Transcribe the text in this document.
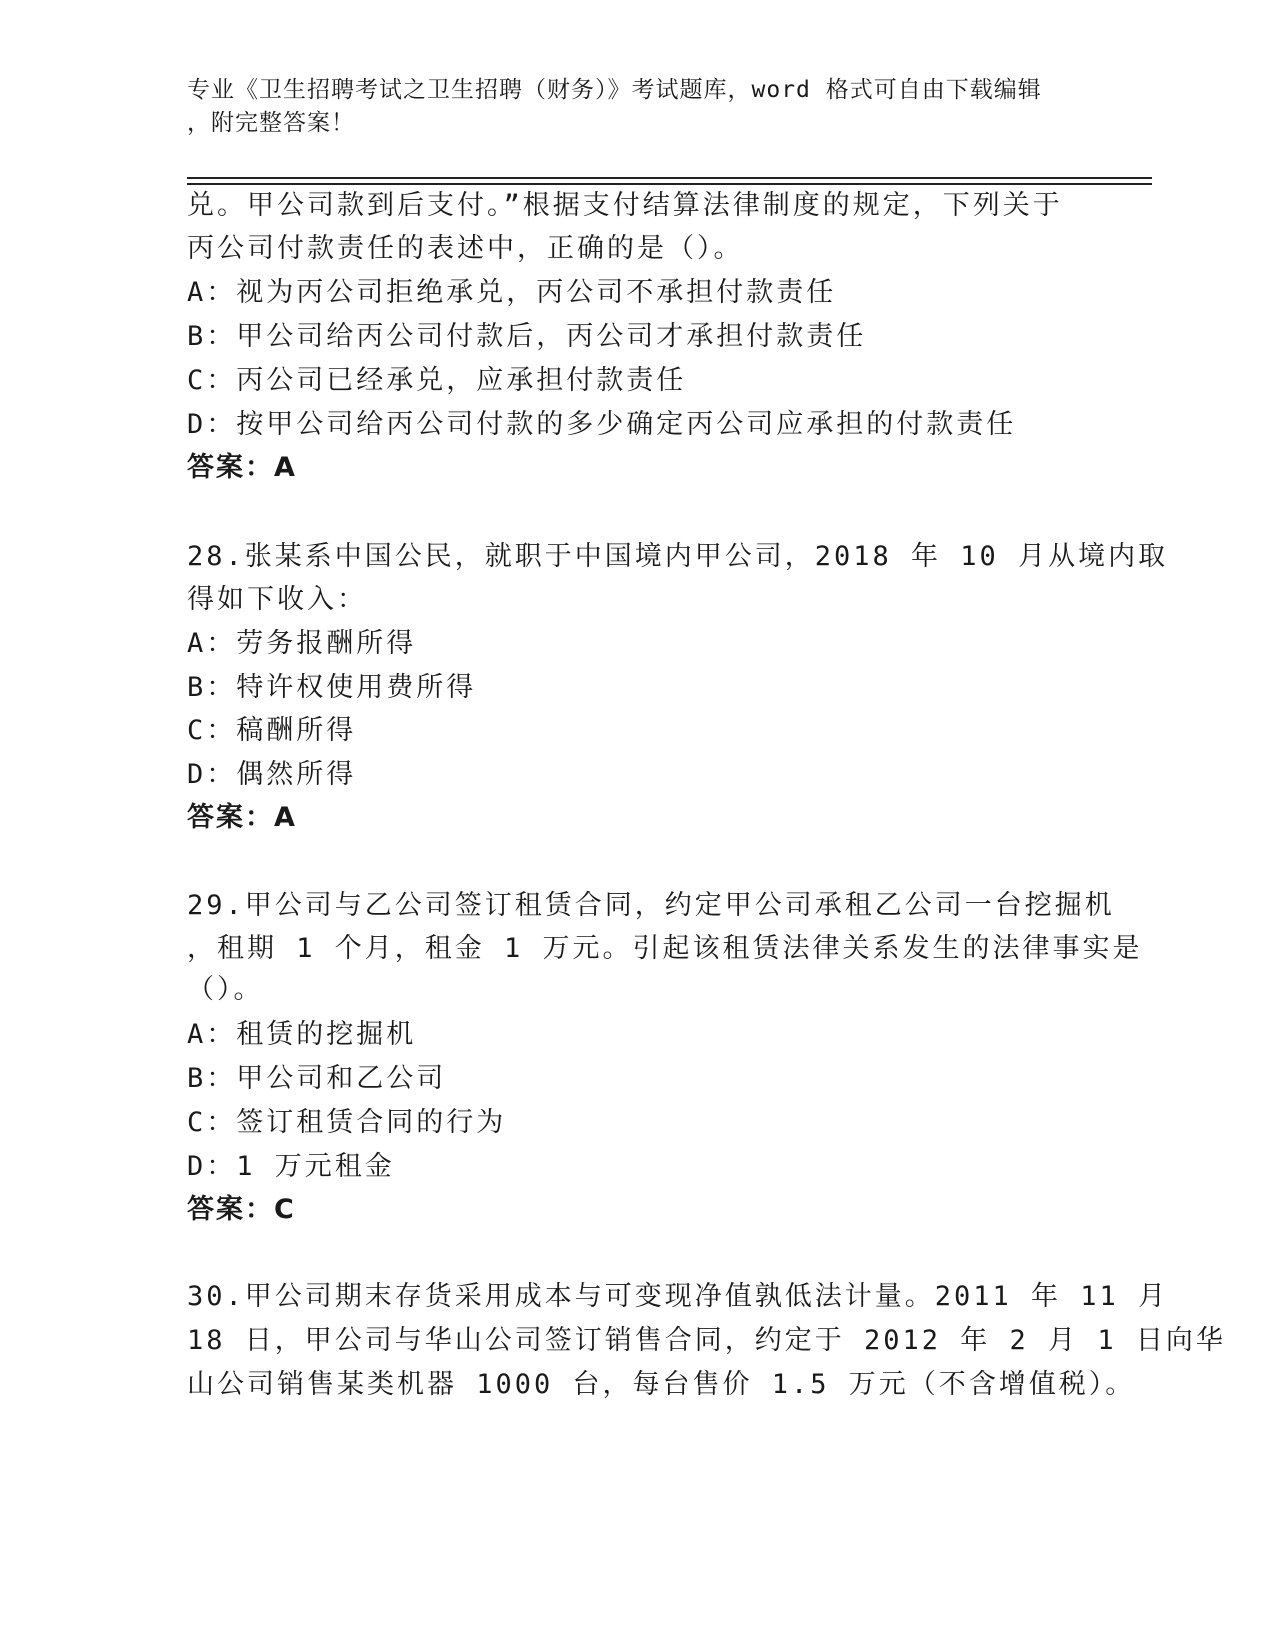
专业《卫生招聘考试之卫生招聘（财务）》考试题库，word 格式可自由下载编辑
，附完整答案！
兑。甲公司款到后支付。”根据支付结算法律制度的规定，下列关于
丙公司付款责任的表述中，正确的是（）。
A：视为丙公司拒绝承兑，丙公司不承担付款责任
B：甲公司给丙公司付款后，丙公司才承担付款责任
C：丙公司已经承兑，应承担付款责任
D：按甲公司给丙公司付款的多少确定丙公司应承担的付款责任
答案：A
28.张某系中国公民，就职于中国境内甲公司，2018 年 10 月从境内取
得如下收入：
A：劳务报酬所得
B：特许权使用费所得
C：稿酬所得
D：偶然所得
答案：A
29.甲公司与乙公司签订租赁合同，约定甲公司承租乙公司一台挖掘机
，租期 1 个月，租金 1 万元。引起该租赁法律关系发生的法律事实是
（）。
A：租赁的挖掘机
B：甲公司和乙公司
C：签订租赁合同的行为
D：1 万元租金
答案：C
30.甲公司期末存货采用成本与可变现净值孰低法计量。2011 年 11 月
18 日，甲公司与华山公司签订销售合同，约定于 2012 年 2 月 1 日向华
山公司销售某类机器 1000 台，每台售价 1.5 万元（不含增值税）。
